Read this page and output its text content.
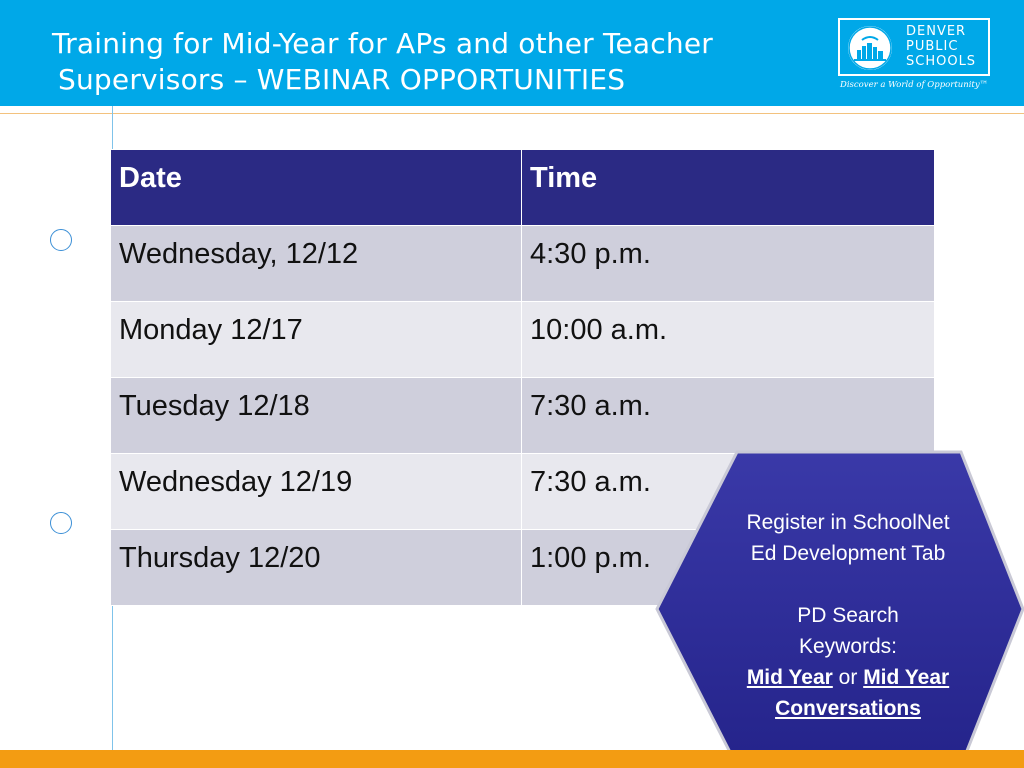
Training for Mid-Year for APs and other Teacher
Supervisors – WEBINAR OPPORTUNITIES
DENVER
PUBLIC
SCHOOLS
Discover a World of Opportunity™
Date	Time
Wednesday, 12/12	4:30 p.m.
Monday 12/17	10:00 a.m.
Tuesday 12/18	7:30 a.m.
Wednesday 12/19	7:30 a.m.
Thursday 12/20	1:00 p.m.
Register in SchoolNet
Ed Development Tab
PD Search
Keywords:
Mid Year or Mid Year
Conversations
